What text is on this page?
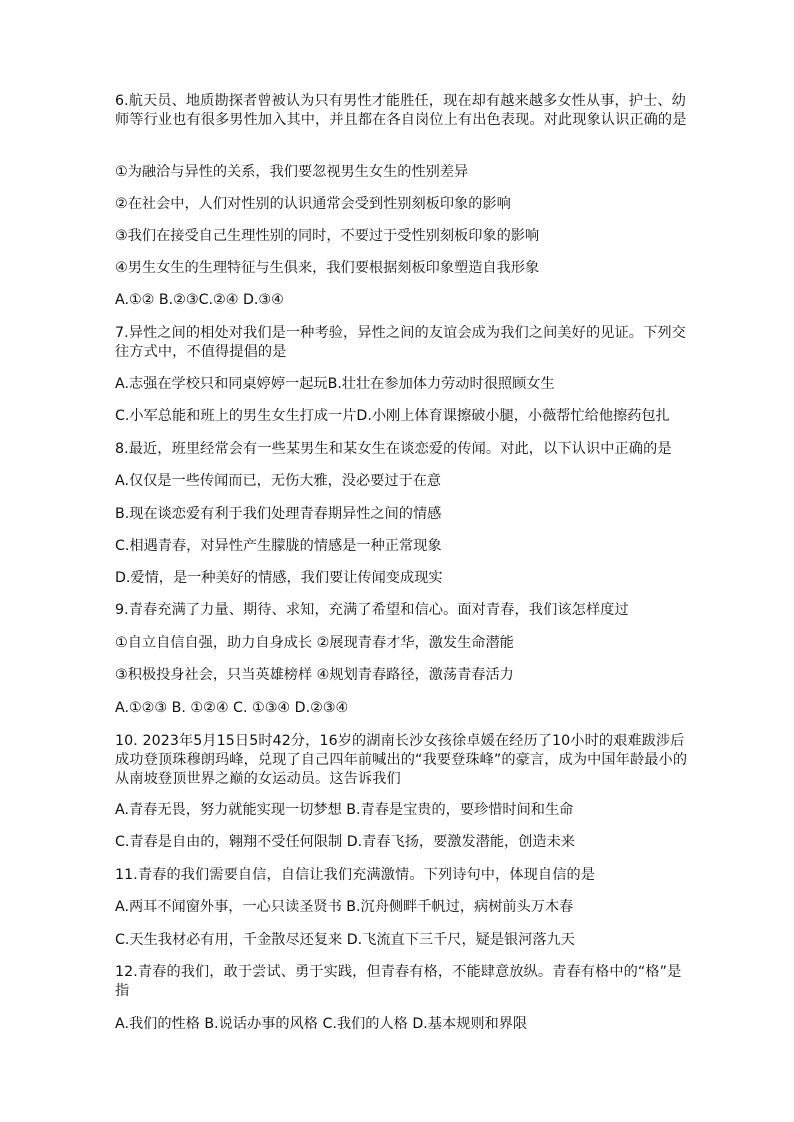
6.航天员、地质勘探者曾被认为只有男性才能胜任，现在却有越来越多女性从事，护士、幼师等行业也有很多男性加入其中，并且都在各自岗位上有出色表现。对此现象认识正确的是
①为融洽与异性的关系，我们要忽视男生女生的性别差异
②在社会中，人们对性别的认识通常会受到性别刻板印象的影响
③我们在接受自己生理性别的同时，不要过于受性别刻板印象的影响
④男生女生的生理特征与生俱来，我们要根据刻板印象塑造自我形象
A.①② B.②③C.②④ D.③④
7.异性之间的相处对我们是一种考验，异性之间的友谊会成为我们之间美好的见证。下列交往方式中，不值得提倡的是
A.志强在学校只和同桌婷婷一起玩B.壮壮在参加体力劳动时很照顾女生
C.小军总能和班上的男生女生打成一片D.小刚上体育课擦破小腿，小薇帮忙给他擦药包扎
8.最近，班里经常会有一些某男生和某女生在谈恋爱的传闻。对此，以下认识中正确的是
A.仅仅是一些传闻而已，无伤大雅，没必要过于在意
B.现在谈恋爱有利于我们处理青春期异性之间的情感
C.相遇青春，对异性产生朦胧的情感是一种正常现象
D.爱情，是一种美好的情感，我们要让传闻变成现实
9.青春充满了力量、期待、求知，充满了希望和信心。面对青春，我们该怎样度过
①自立自信自强，助力自身成长 ②展现青春才华，激发生命潜能
③积极投身社会，只当英雄榜样 ④规划青春路径，激荡青春活力
A.①②③ B. ①②④ C. ①③④ D.②③④
10. 2023年5月15日5时42分，16岁的湖南长沙女孩徐卓媛在经历了10小时的艰难跋涉后成功登顶珠穆朗玛峰，兑现了自己四年前喊出的“我要登珠峰”的豪言，成为中国年龄最小的从南坡登顶世界之巅的女运动员。这告诉我们
A.青春无畏，努力就能实现一切梦想 B.青春是宝贵的，要珍惜时间和生命
C.青春是自由的，翱翔不受任何限制 D.青春飞扬，要激发潜能，创造未来
11.青春的我们需要自信，自信让我们充满激情。下列诗句中，体现自信的是
A.两耳不闻窗外事，一心只读圣贤书 B.沉舟侧畔千帆过，病树前头万木春
C.天生我材必有用，千金散尽还复来 D.飞流直下三千尺，疑是银河落九天
12.青春的我们，敢于尝试、勇于实践，但青春有格，不能肆意放纵。青春有格中的“格”是指
A.我们的性格 B.说话办事的风格 C.我们的人格 D.基本规则和界限
